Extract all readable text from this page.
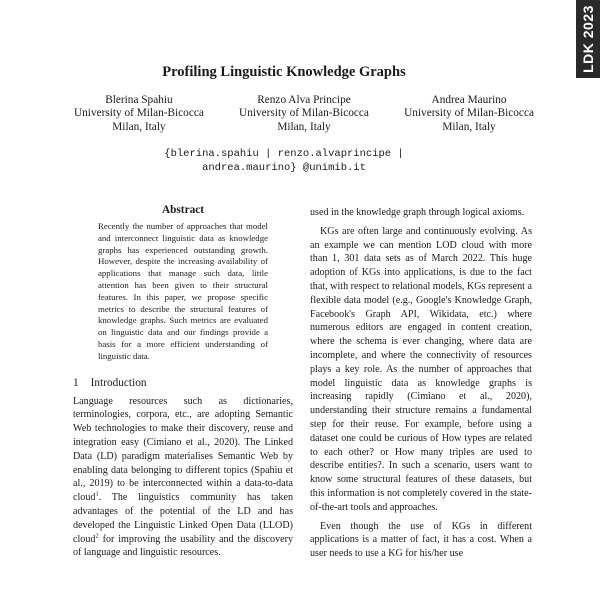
LDK 2023
Profiling Linguistic Knowledge Graphs
Blerina Spahiu
University of Milan-Bicocca
Milan, Italy
Renzo Alva Principe
University of Milan-Bicocca
Milan, Italy
Andrea Maurino
University of Milan-Bicocca
Milan, Italy
{blerina.spahiu | renzo.alvaprincipe |
andrea.maurino} @unimib.it
Abstract
Recently the number of approaches that model and interconnect linguistic data as knowledge graphs has experienced outstanding growth. However, despite the increasing availability of applications that manage such data, little attention has been given to their structural features. In this paper, we propose specific metrics to describe the structural features of knowledge graphs. Such metrics are evaluated on linguistic data and our findings provide a basis for a more efficient understanding of linguistic data.
1 Introduction
Language resources such as dictionaries, terminologies, corpora, etc., are adopting Semantic Web technologies to make their discovery, reuse and integration easy (Cimiano et al., 2020). The Linked Data (LD) paradigm materialises Semantic Web by enabling data belonging to different topics (Spahiu et al., 2019) to be interconnected within a data-to-data cloud$^1$. The linguistics community has taken advantages of the potential of the LD and has developed the Linguistic Linked Open Data (LLOD) cloud$^2$ for improving the usability and the discovery of language and linguistic resources.

used in the knowledge graph through logical axioms.

KGs are often large and continuously evolving. As an example we can mention LOD cloud with more than 1, 301 data sets as of March 2022. This huge adoption of KGs into applications, is due to the fact that, with respect to relational models, KGs represent a flexible data model (e.g., Google's Knowledge Graph, Facebook's Graph API, Wikidata, etc.) where numerous editors are engaged in content creation, where the schema is ever changing, where data are incomplete, and where the connectivity of resources plays a key role. As the number of approaches that model linguistic data as knowledge graphs is increasing rapidly (Cimiano et al., 2020), understanding their structure remains a fundamental step for their reuse. For example, before using a dataset one could be curious of How types are related to each other? or How many triples are used to describe entities?. In such a scenario, users want to know some structural features of these datasets, but this information is not completely covered in the state-of-the-art tools and approaches.

Even though the use of KGs in different applications is a matter of fact, it has a cost. When a user needs to use a KG for his/her use
